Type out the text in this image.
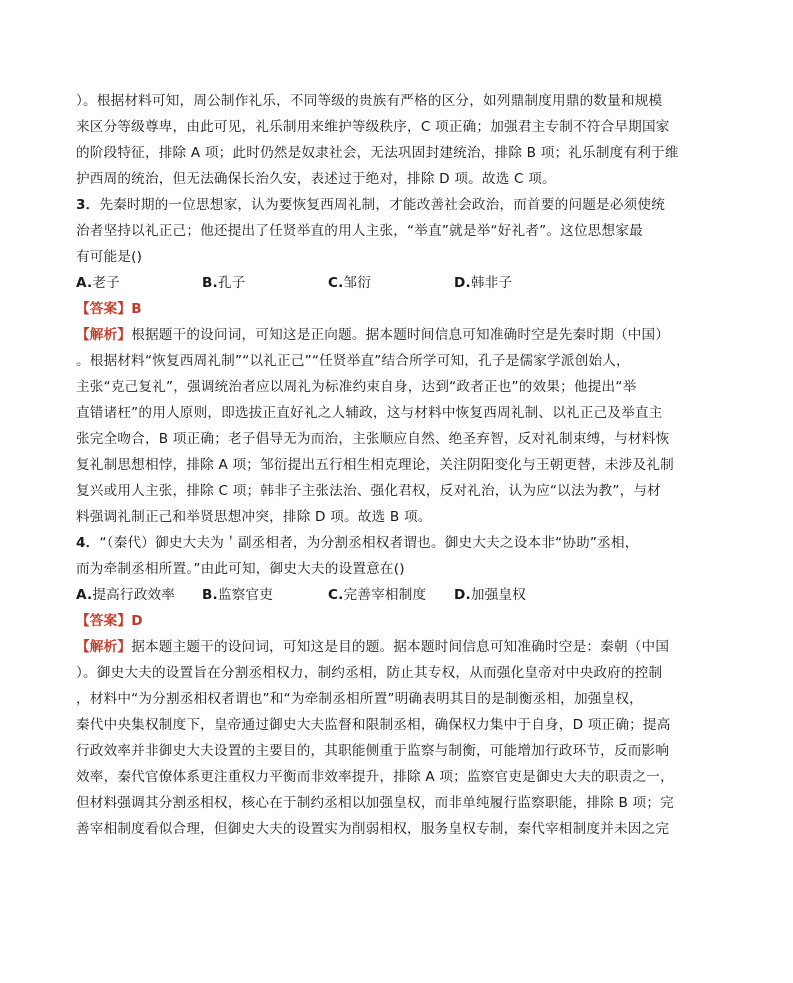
）。根据材料可知，周公制作礼乐，不同等级的贵族有严格的区分，如列鼎制度用鼎的数量和规模
来区分等级尊卑，由此可见，礼乐制用来维护等级秩序，C 项正确；加强君主专制不符合早期国家
的阶段特征，排除 A 项；此时仍然是奴隶社会，无法巩固封建统治，排除 B 项；礼乐制度有利于维
护西周的统治，但无法确保长治久安，表述过于绝对，排除 D 项。故选 C 项。
3．先秦时期的一位思想家，认为要恢复西周礼制，才能改善社会政治，而首要的问题是必须使统
治者坚持以礼正己；他还提出了任贤举直的用人主张，“举直”就是举“好礼者”。这位思想家最
有可能是()
A.老子	B.孔子	C.邹衍	D.韩非子
【答案】B
【解析】根据题干的设问词，可知这是正向题。据本题时间信息可知准确时空是先秦时期（中国）
。根据材料“恢复西周礼制”“以礼正己”“任贤举直”结合所学可知，孔子是儒家学派创始人，
主张“克己复礼”，强调统治者应以周礼为标准约束自身，达到“政者正也”的效果；他提出“举
直错诸枉”的用人原则，即选拔正直好礼之人辅政，这与材料中恢复西周礼制、以礼正己及举直主
张完全吻合，B 项正确；老子倡导无为而治，主张顺应自然、绝圣弃智，反对礼制束缚，与材料恢
复礼制思想相悖，排除 A 项；邹衍提出五行相生相克理论，关注阴阳变化与王朝更替，未涉及礼制
复兴或用人主张，排除 C 项；韩非子主张法治、强化君权，反对礼治，认为应“以法为教”，与材
料强调礼制正己和举贤思想冲突，排除 D 项。故选 B 项。
4．“（秦代）御史大夫为＇副丞相者，为分割丞相权者谓也。御史大夫之设本非“协助”丞相，
而为牵制丞相所置。”由此可知，御史大夫的设置意在()
A.提高行政效率	B.监察官吏	C.完善宰相制度	D.加强皇权
【答案】D
【解析】据本题主题干的设问词，可知这是目的题。据本题时间信息可知准确时空是：秦朝（中国
）。御史大夫的设置旨在分割丞相权力，制约丞相，防止其专权，从而强化皇帝对中央政府的控制
，材料中“为分割丞相权者谓也”和“为牵制丞相所置”明确表明其目的是制衡丞相，加强皇权，
秦代中央集权制度下，皇帝通过御史大夫监督和限制丞相，确保权力集中于自身，D 项正确；提高
行政效率并非御史大夫设置的主要目的，其职能侧重于监察与制衡，可能增加行政环节，反而影响
效率，秦代官僚体系更注重权力平衡而非效率提升，排除 A 项；监察官吏是御史大夫的职责之一，
但材料强调其分割丞相权，核心在于制约丞相以加强皇权，而非单纯履行监察职能，排除 B 项；完
善宰相制度看似合理，但御史大夫的设置实为削弱相权，服务皇权专制，秦代宰相制度并未因之完
